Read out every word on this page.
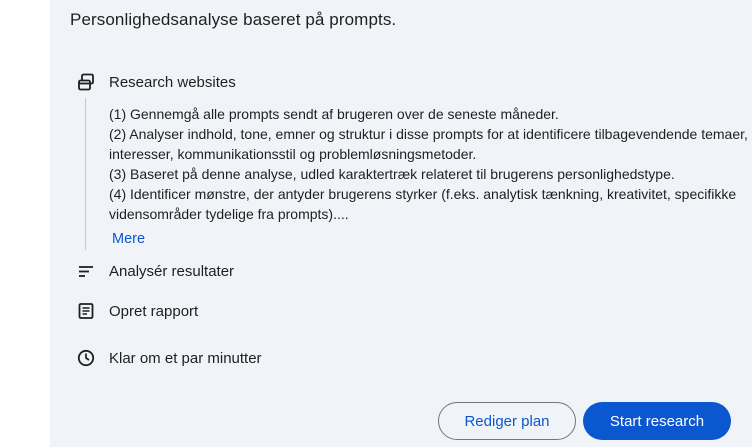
Personlighedsanalyse baseret på prompts.
Research websites
(1) Gennemgå alle prompts sendt af brugeren over de seneste måneder.
(2) Analyser indhold, tone, emner og struktur i disse prompts for at identificere tilbagevendende temaer, interesser, kommunikationsstil og problemløsningsmetoder.
(3) Baseret på denne analyse, udled karaktertræk relateret til brugerens personlighedstype.
(4) Identificer mønstre, der antyder brugerens styrker (f.eks. analytisk tænkning, kreativitet, specifikke vidensområder tydelige fra prompts)....
Mere
Analysér resultater
Opret rapport
Klar om et par minutter
Rediger plan	Start research
